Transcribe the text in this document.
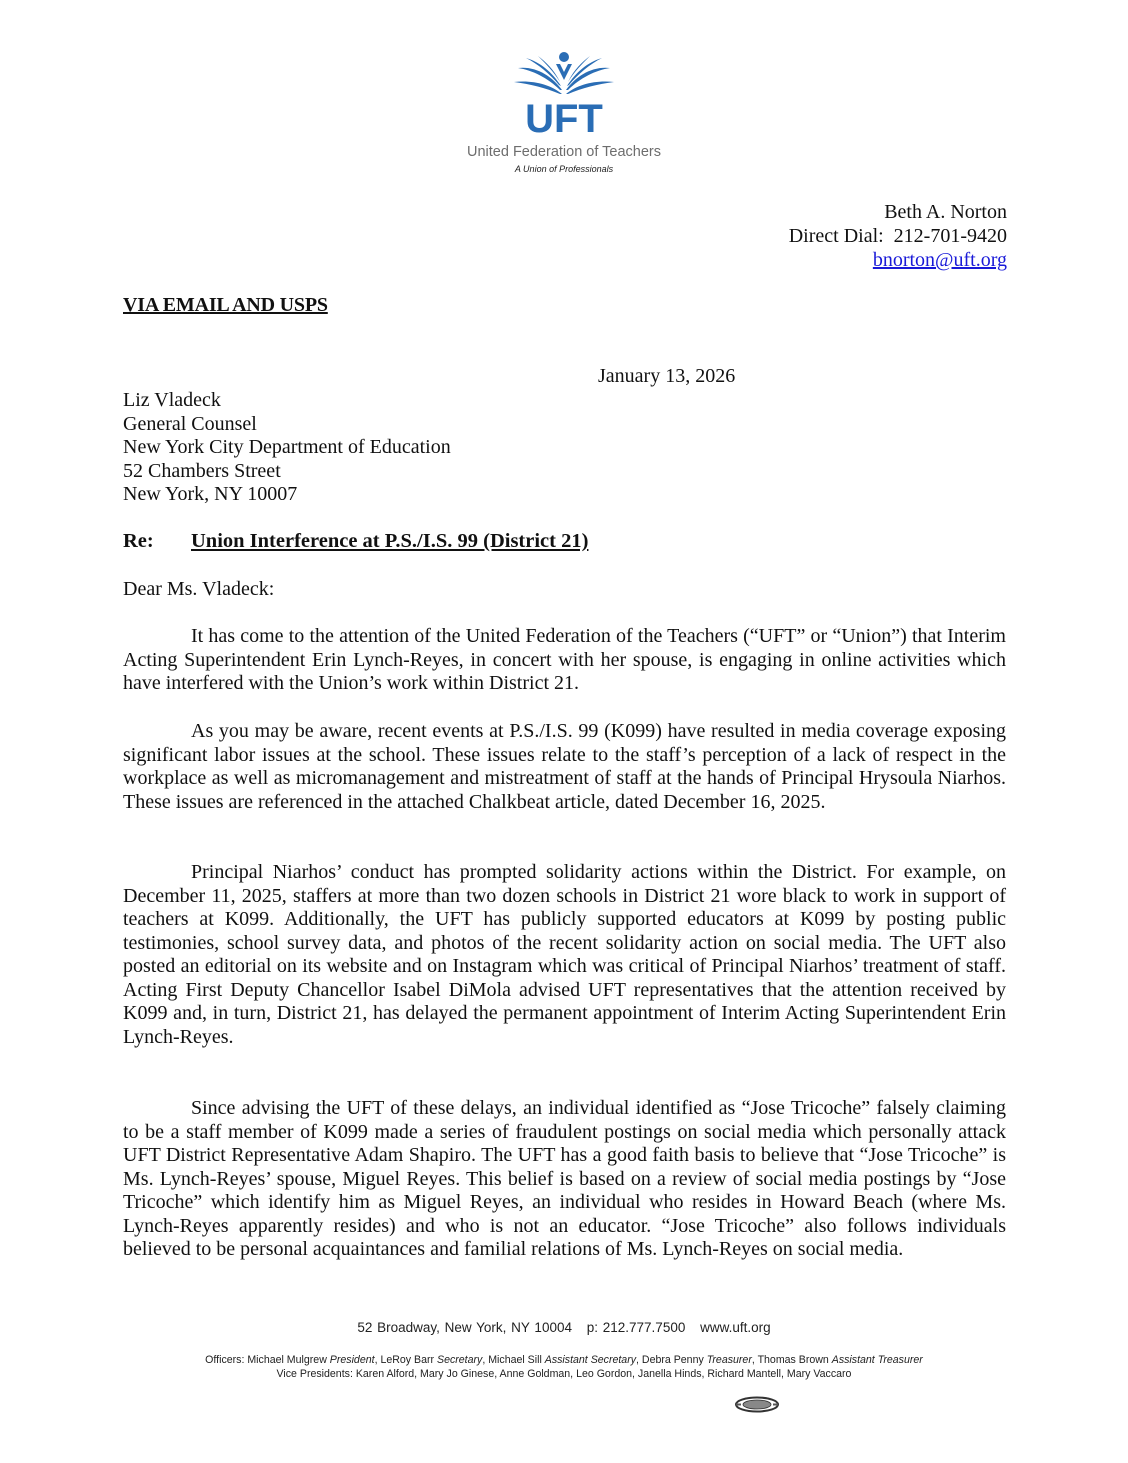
UFT
United Federation of Teachers
A Union of Professionals
Beth A. Norton
Direct Dial:  212-701-9420
bnorton@uft.org
VIA EMAIL AND USPS
January 13, 2026
Liz Vladeck
General Counsel
New York City Department of Education
52 Chambers Street
New York, NY 10007
Re:	Union Interference at P.S./I.S. 99 (District 21)
Dear Ms. Vladeck:

It has come to the attention of the United Federation of the Teachers (“UFT” or “Union”) that Interim Acting Superintendent Erin Lynch-Reyes, in concert with her spouse, is engaging in online activities which have interfered with the Union’s work within District 21.

As you may be aware, recent events at P.S./I.S. 99 (K099) have resulted in media coverage exposing significant labor issues at the school. These issues relate to the staff’s perception of a lack of respect in the workplace as well as micromanagement and mistreatment of staff at the hands of Principal Hrysoula Niarhos. These issues are referenced in the attached Chalkbeat article, dated December 16, 2025.

Principal Niarhos’ conduct has prompted solidarity actions within the District. For example, on December 11, 2025, staffers at more than two dozen schools in District 21 wore black to work in support of teachers at K099. Additionally, the UFT has publicly supported educators at K099 by posting public testimonies, school survey data, and photos of the recent solidarity action on social media. The UFT also posted an editorial on its website and on Instagram which was critical of Principal Niarhos’ treatment of staff. Acting First Deputy Chancellor Isabel DiMola advised UFT representatives that the attention received by K099 and, in turn, District 21, has delayed the permanent appointment of Interim Acting Superintendent Erin Lynch-Reyes.

Since advising the UFT of these delays, an individual identified as “Jose Tricoche” falsely claiming to be a staff member of K099 made a series of fraudulent postings on social media which personally attack UFT District Representative Adam Shapiro. The UFT has a good faith basis to believe that “Jose Tricoche” is Ms. Lynch-Reyes’ spouse, Miguel Reyes. This belief is based on a review of social media postings by “Jose Tricoche” which identify him as Miguel Reyes, an individual who resides in Howard Beach (where Ms. Lynch-Reyes apparently resides) and who is not an educator. “Jose Tricoche” also follows individuals believed to be personal acquaintances and familial relations of Ms. Lynch-Reyes on social media.

52 Broadway, New York, NY 10004 p: 212.777.7500 www.uft.org
Officers: Michael Mulgrew President, LeRoy Barr Secretary, Michael Sill Assistant Secretary, Debra Penny Treasurer, Thomas Brown Assistant Treasurer
Vice Presidents: Karen Alford, Mary Jo Ginese, Anne Goldman, Leo Gordon, Janella Hinds, Richard Mantell, Mary Vaccaro
